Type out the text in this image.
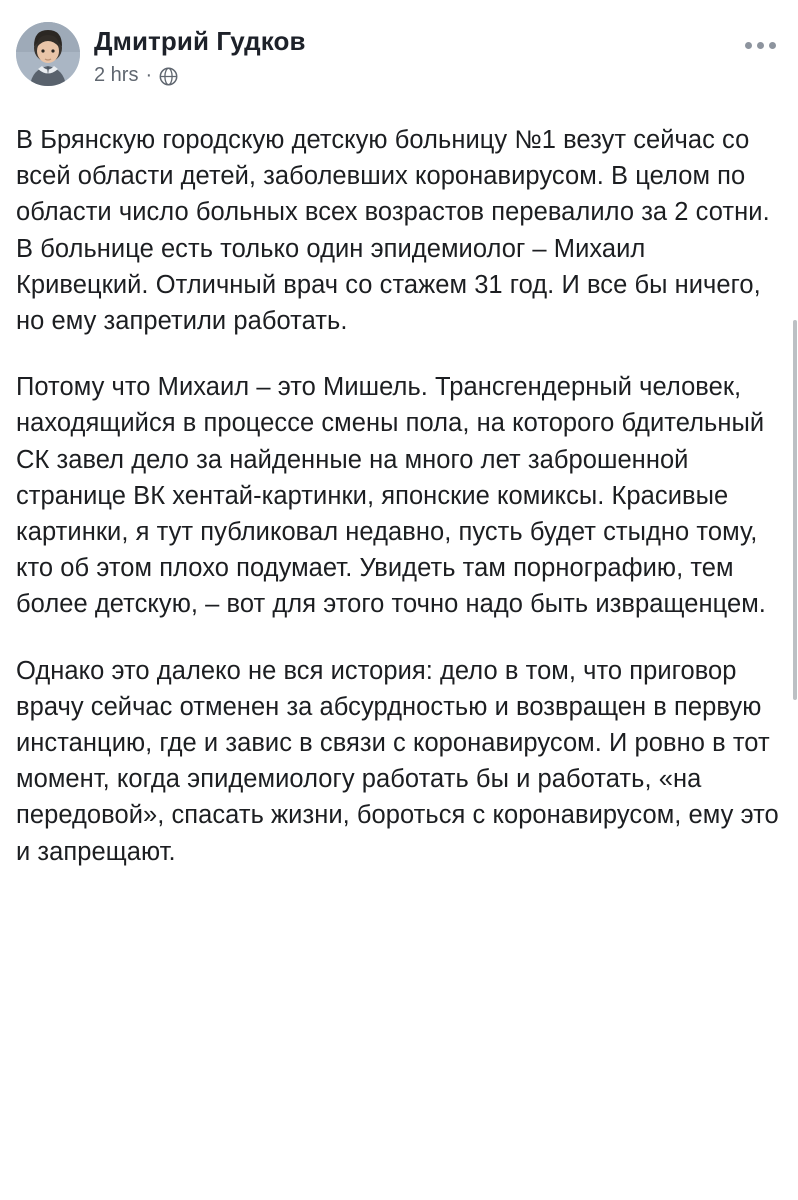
Дмитрий Гудков
2 hrs ·

В Брянскую городскую детскую больницу №1 везут сейчас со всей области детей, заболевших коронавирусом. В целом по области число больных всех возрастов перевалило за 2 сотни. В больнице есть только один эпидемиолог – Михаил Кривецкий. Отличный врач со стажем 31 год. И все бы ничего, но ему запретили работать.

Потому что Михаил – это Мишель. Трансгендерный человек, находящийся в процессе смены пола, на которого бдительный СК завел дело за найденные на много лет заброшенной странице ВК хентай-картинки, японские комиксы. Красивые картинки, я тут публиковал недавно, пусть будет стыдно тому, кто об этом плохо подумает. Увидеть там порнографию, тем более детскую, – вот для этого точно надо быть извращенцем.

Однако это далеко не вся история: дело в том, что приговор врачу сейчас отменен за абсурдностью и возвращен в первую инстанцию, где и завис в связи с коронавирусом. И ровно в тот момент, когда эпидемиологу работать бы и работать, «на передовой», спасать жизни, бороться с коронавирусом, ему это и запрещают.
